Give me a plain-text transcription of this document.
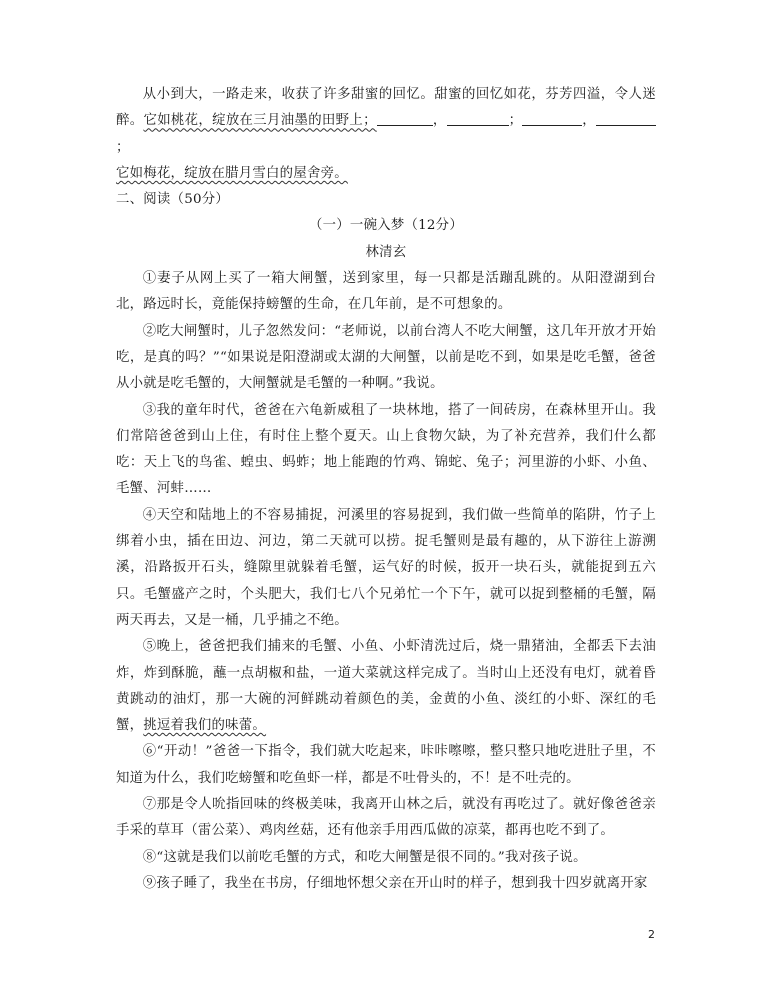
从小到大，一路走来，收获了许多甜蜜的回忆。甜蜜的回忆如花，芬芳四溢，令人迷醉。它如桃花，绽放在三月油墨的田野上；	，	；	，；
它如梅花，绽放在腊月雪白的屋舍旁。

二、阅读（50分）

（一）一碗入梦（12分）

林清玄

①妻子从网上买了一箱大闸蟹，送到家里，每一只都是活蹦乱跳的。从阳澄湖到台北，路远时长，竟能保持螃蟹的生命，在几年前，是不可想象的。

②吃大闸蟹时，儿子忽然发问：“老师说，以前台湾人不吃大闸蟹，这几年开放才开始吃，是真的吗？”“如果说是阳澄湖或太湖的大闸蟹，以前是吃不到，如果是吃毛蟹，爸爸从小就是吃毛蟹的，大闸蟹就是毛蟹的一种啊。”我说。

③我的童年时代，爸爸在六龟新威租了一块林地，搭了一间砖房，在森林里开山。我们常陪爸爸到山上住，有时住上整个夏天。山上食物欠缺，为了补充营养，我们什么都吃：天上飞的鸟雀、蝗虫、蚂蚱；地上能跑的竹鸡、锦蛇、兔子；河里游的小虾、小鱼、毛蟹、河蚌……

④天空和陆地上的不容易捕捉，河溪里的容易捉到，我们做一些简单的陷阱，竹子上绑着小虫，插在田边、河边，第二天就可以捞。捉毛蟹则是最有趣的，从下游往上游溯溪，沿路扳开石头，缝隙里就躲着毛蟹，运气好的时候，扳开一块石头，就能捉到五六只。毛蟹盛产之时，个头肥大，我们七八个兄弟忙一个下午，就可以捉到整桶的毛蟹，隔两天再去，又是一桶，几乎捕之不绝。

⑤晚上，爸爸把我们捕来的毛蟹、小鱼、小虾清洗过后，烧一鼎猪油，全都丢下去油炸，炸到酥脆，蘸一点胡椒和盐，一道大菜就这样完成了。当时山上还没有电灯，就着昏黄跳动的油灯，那一大碗的河鲜跳动着颜色的美，金黄的小鱼、淡红的小虾、深红的毛蟹，挑逗着我们的味蕾。

⑥“开动！”爸爸一下指令，我们就大吃起来，咔咔嚓嚓，整只整只地吃进肚子里，不知道为什么，我们吃螃蟹和吃鱼虾一样，都是不吐骨头的，不！是不吐壳的。

⑦那是令人吮指回味的终极美味，我离开山林之后，就没有再吃过了。就好像爸爸亲手采的草耳（雷公菜）、鸡肉丝菇，还有他亲手用西瓜做的凉菜，都再也吃不到了。

⑧“这就是我们以前吃毛蟹的方式，和吃大闸蟹是很不同的。”我对孩子说。

⑨孩子睡了，我坐在书房，仔细地怀想父亲在开山时的样子，想到我十四岁就离开家

2
